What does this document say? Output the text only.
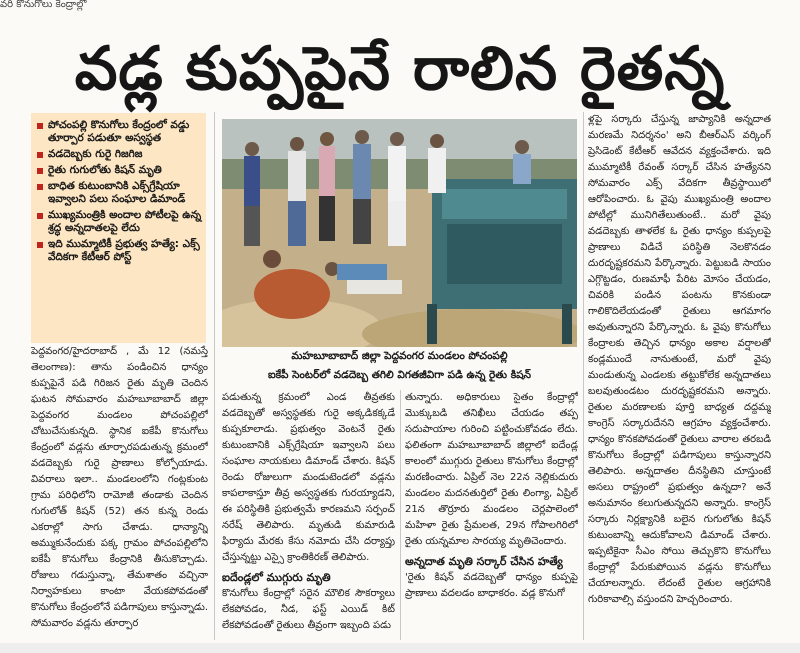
వరి కొనుగోలు కేంద్రాల్లో
వడ్ల కుప్పపైనే రాలిన రైతన్న
పోచంపల్లి కొనుగోలు కేంద్రంలో వడ్డు తూర్పార పడుతూ అస్వస్థత
వడదెబ్బకు గురై గిజగిజ
రైతు గుగులోతు కిషన్ మృతి
బాధిత కుటుంబానికి ఎక్స్‌గ్రేషియా ఇవ్వాలని పలు సంఘాల డిమాండ్
ముఖ్యమంత్రికి అందాల పోటీలపై ఉన్న శ్రద్ధ అన్నదాతలపై లేదు
ఇది ముమ్మాటికీ ప్రభుత్వ హత్యే: ఎక్స్ వేదికగా కేటీఆర్ పోస్ట్
మహబూబాబాద్ జిల్లా పెద్దవంగర మండలం పోచంపల్లి
ఐకేపీ సెంటర్‌లో వడదెబ్బ తగిలి విగతజీవిగా పడి ఉన్న రైతు కిషన్
పెద్దవంగర/హైదరాబాద్ , మే 12 (నమస్తే తెలంగాణ): తాను పండించిన ధాన్యం కుప్పపైనే పడి గిరిజన రైతు మృతి చెందిన ఘటన సోమవారం మహబూబాబాద్ జిల్లా పెద్దవంగర మండలం పోచంపల్లిలో చోటుచేసుకున్నది. స్థానిక ఐకేపీ కొనుగోలు కేంద్రంలో వడ్లను తూర్పారపడుతున్న క్రమంలో వడదెబ్బకు గురై ప్రాణాలు కోల్పోయాడు. వివరాలు ఇలా.. మండలంలోని గంట్లకుంట గ్రామ పరిధిలోని రామోజీ తండాకు చెందిన గుగులోత్ కిషన్ (52) తన కున్న రెండు ఎకరాల్లో సాగు చేశాడు. ధాన్యాన్ని అమ్ముకునేందుకు పక్క గ్రామం పోచంపల్లిలోని ఐకేపీ కొనుగోలు కేంద్రానికి తీసుకొచ్చాడు. రోజులు గడుస్తున్నా, తేమశాతం వచ్చినా నిర్వాహకులు కాంటా వేయకపోవడంతో కొనుగోలు కేంద్రంలోనే పడిగాపులు కాస్తున్నాడు. సోమవారం వడ్లను తూర్పార
పడుతున్న క్రమంలో ఎండ తీవ్రతకు వడదెబ్బతో అస్వస్థతకు గురై అక్కడికక్కడే కుప్పకూలాడు. ప్రభుత్వం వెంటనే రైతు కుటుంబానికి ఎక్స్‌గ్రేషియా ఇవ్వాలని పలు సంఘాల నాయకులు డిమాండ్ చేశారు. కిషన్ రెండు రోజులుగా మండుటెండలో వడ్లను కాపలాకాస్తూ తీవ్ర అస్వస్థతకు గురయ్యాడని, ఈ పరిస్థితికి ప్రభుత్వమే కారణమని సర్పంచ్ నరేష్ తెలిపారు. మృతుడి కుమారుడి ఫిర్యాదు మేరకు కేసు నమోదు చేసి దర్యాప్తు చేస్తున్నట్టు ఎస్సై క్రాంతికిరణ్ తెలిపారు.
ఐదేండ్లలో ముగ్గురు మృతి
కొనుగోలు కేంద్రాల్లో సరైన మౌలిక సౌకర్యాలు లేకపోవడం, నీడ, ఫస్ట్ ఎయిడ్ కిట్ లేకపోవడంతో రైతులు తీవ్రంగా ఇబ్బంది పడు
తున్నారు. అధికారులు సైతం కేంద్రాల్లో మొక్కుబడి తనిఖీలు చేయడం తప్ప సదుపాయాల గురించి పట్టించుకోవడం లేదు. ఫలితంగా మహబూబాబాద్ జిల్లాలో ఐదేండ్ల కాలంలో ముగ్గురు రైతులు కొనుగోలు కేంద్రాల్లో మరణించారు. ఏప్రిల్ నెల 22న నెల్లికుదురు మండలం మదనతుర్తిలో రైతు లింగ్యా, ఏప్రిల్ 21న తొర్రూరు మండలం చెర్లపాలెంలో మహిళా రైతు ప్రేమలత, 29న గోపాలగిరిలో రైతు యన్నమాల సారయ్య మృతిచెందారు.
అన్నదాత మృతి సర్కార్ చేసిన హత్యే
'రైతు కిషన్ వడదెబ్బతో ధాన్యం కుప్పపై ప్రాణాలు వదలడం బాధాకరం. వడ్ల కొనుగో
ళ్లపై సర్కారు చేస్తున్న జాప్యానికి అన్నదాత మరణమే నిదర్శనం' అని బీఆర్ఎస్ వర్కింగ్ ప్రెసిడెంట్ కేటీఆర్ ఆవేదన వ్యక్తంచేశారు. ఇది ముమ్మాటికీ రేవంత్ సర్కార్ చేసిన హత్యేనని సోమవారం ఎక్స్ వేదికగా తీవ్రస్థాయిలో ఆరోపించారు. ఓ వైపు ముఖ్యమంత్రి అందాల పోటీల్లో మునిగితేలుతుంటే.. మరో వైపు వడదెబ్బకు తాళలేక ఓ రైతు ధాన్యం కుప్పలపై ప్రాణాలు విడిచే పరిస్థితి నెలకొనడం దురదృష్టకరమని పేర్కొన్నారు. పెట్టుబడి సాయం ఎగ్గొట్టడం, రుణమాఫీ పేరిట మోసం చేయడం, చివరికి పండిన పంటను కొనకుండా గాలికొదిలేయడంతో రైతులు ఆగమాగం అవుతున్నారని పేర్కొన్నారు. ఓ వైపు కొనుగోలు కేంద్రాలకు తెచ్చిన ధాన్యం అకాల వర్షాలతో కండ్లముందే నానుతుంటే, మరో వైపు మండుతున్న ఎండలకు తట్టుకోలేక అన్నదాతలు బలవుతుండటం దురదృష్టకరమని అన్నారు. రైతుల మరణాలకు పూర్తి బాధ్యత దద్దమ్మ కాంగ్రెస్ సర్కారుదేనని ఆగ్రహం వ్యక్తంచేశారు. ధాన్యం కొనకపోవడంతో రైతులు వారాల తరబడి కొనుగోలు కేంద్రాల్లో పడిగాపులు కాస్తున్నారని తెలిపారు. అన్నదాతల దీనస్థితిని చూస్తుంటే అసలు రాష్ట్రంలో ప్రభుత్వం ఉన్నదా? అనే అనుమానం కలుగుతున్నదని అన్నారు. కాంగ్రెస్ సర్కారు నిర్లక్ష్యానికి బలైన గుగులోతు కిషన్ కుటుంబాన్ని ఆదుకోవాలని డిమాండ్ చేశారు. ఇప్పటికైనా సీఎం సోయి తెచ్చుకొని కొనుగోలు కేంద్రాల్లో పేరుకుపోయిన వడ్లను కొనుగోలు చేయాలన్నారు. లేదంటే రైతుల ఆగ్రహానికి గురికావాల్సి వస్తుందని హెచ్చరించారు.
